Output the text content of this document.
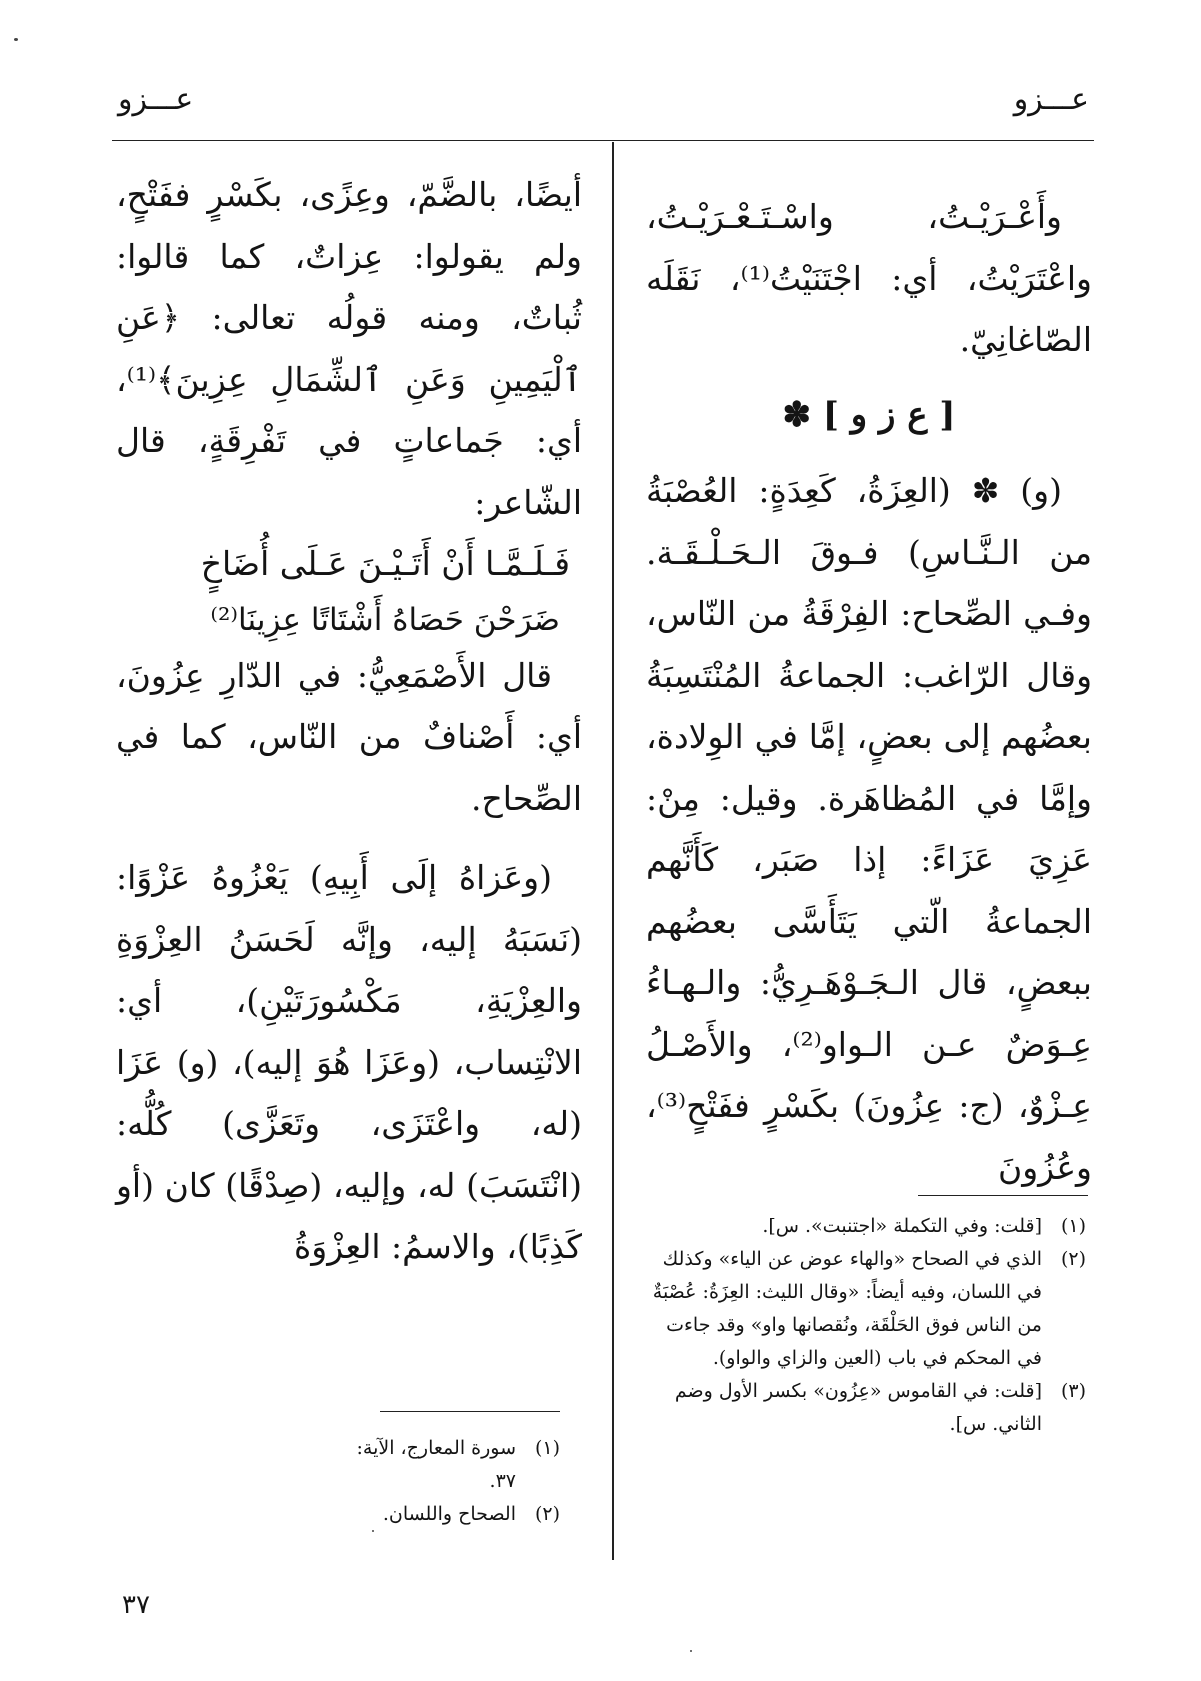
عـــزو	عـــزو

وأَعْـرَيْـتُ، واسْـتَـعْـرَيْـتُ، واعْتَرَيْتُ، أي: اجْتَنَيْتُ⁽¹⁾، نَقَلَه الصّاغانِيّ.

[ ع ز و ] ✽

(و) ✽ (العِزَةُ، كَعِدَةٍ: العُصْبَةُ من الـنَّـاسِ) فـوقَ الـحَـلْـقَـة. وفـي الصِّحاح: الفِرْقَةُ من النّاس، وقال الرّاغب: الجماعةُ المُنْتَسِبَةُ بعضُهم إلى بعضٍ، إمَّا في الوِلادة، وإمَّا في المُظاهَرة. وقيل: مِنْ: عَزِيَ عَزَاءً: إذا صَبَر، كَأَنَّهم الجماعةُ الّتي يَتَأَسَّى بعضُهم ببعضٍ، قال الـجَـوْهَـرِيُّ: والـهـاءُ عِـوَضٌ عـن الـواو⁽²⁾، والأَصْـلُ عِـزْوٌ، (ج: عِزُونَ) بكَسْرٍ ففَتْحٍ⁽³⁾، وعُزُونَ

أيضًا، بالضَّمّ، وعِزًى، بكَسْرٍ ففَتْحٍ، ولم يقولوا: عِزاتٌ، كما قالوا: ثُباتٌ، ومنه قولُه تعالى: ﴿عَنِ ٱلْيَمِينِ وَعَنِ ٱلشِّمَالِ عِزِينَ﴾⁽¹⁾، أي: جَماعاتٍ في تَفْرِقَةٍ، قال الشّاعر:

فَـلَـمَّـا أَنْ أَتَـيْـنَ عَـلَى أُضَاخٍ

ضَرَحْنَ حَصَاهُ أَشْتَاتًا عِزِينَا⁽²⁾

قال الأَصْمَعِيُّ: في الدّارِ عِزُونَ، أي: أَصْنافٌ من النّاس، كما في الصِّحاح.

(وعَزاهُ إلَى أَبِيهِ) يَعْزُوهُ عَزْوًا: (نَسَبَهُ إليه، وإنَّه لَحَسَنُ العِزْوَةِ والعِزْيَةِ، مَكْسُورَتَيْنِ)، أي: الانْتِساب، (وعَزَا هُوَ إليه)، (و) عَزَا (له، واعْتَزَى، وتَعَزَّى) كُلُّه: (انْتَسَبَ) له، وإليه، (صِدْقًا) كان (أو كَذِبًا)، والاسمُ: العِزْوَةُ

(١)
[قلت: وفي التكملة «اجتنبت». س].
(٢)
الذي في الصحاح «والهاء عوض عن الياء» وكذلك في اللسان، وفيه أيضاً: «وقال الليث: العِزَةُ: عُصْبَةٌ من الناس فوق الحَلْقَة، ونُقصانها واو» وقد جاءت في المحكم في باب (العين والزاي والواو).
(٣)
[قلت: في القاموس «عِزُون» بكسر الأول وضم الثاني. س].
(١)
سورة المعارج، الآية: ٣٧.
(٢)
الصحاح واللسان.
٣٧
